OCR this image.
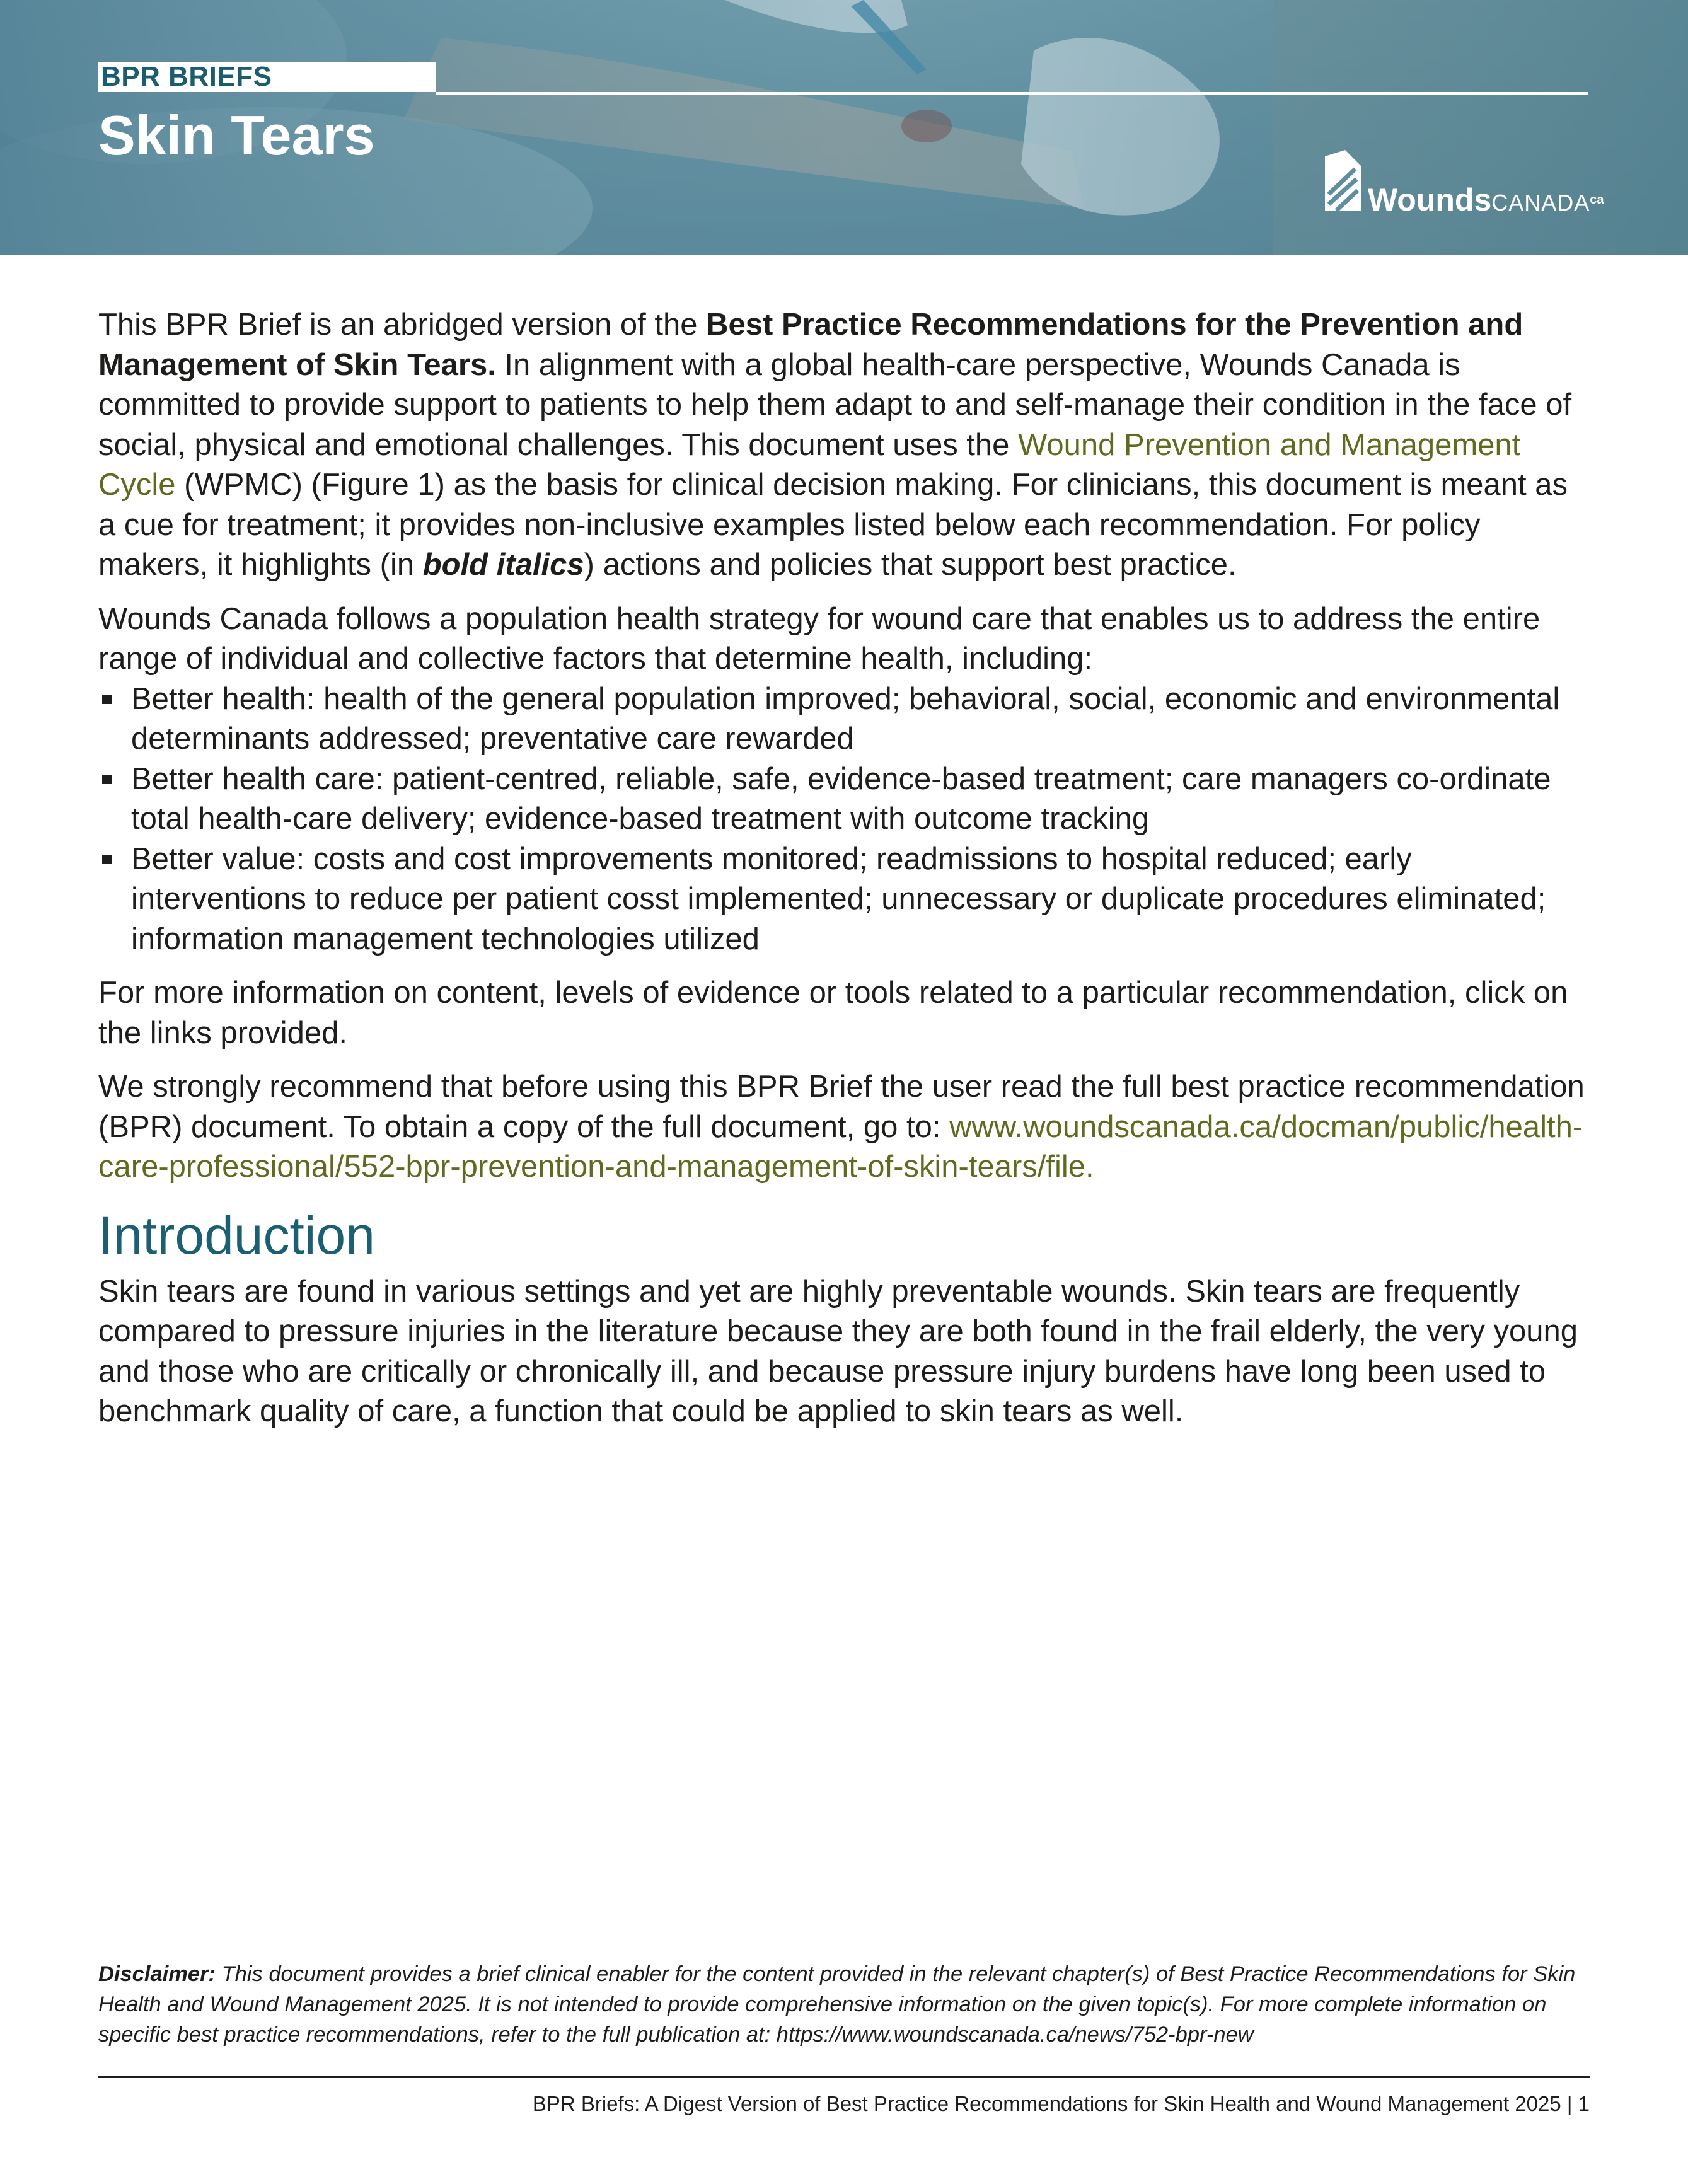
BPR BRIEFS
Skin Tears
WoundsCANADA$^{ca}$

This BPR Brief is an abridged version of the Best Practice Recommendations for the Prevention and Management of Skin Tears. In alignment with a global health-care perspective, Wounds Canada is committed to provide support to patients to help them adapt to and self-manage their condition in the face of social, physical and emotional challenges. This document uses the Wound Prevention and Management Cycle (WPMC) (Figure 1) as the basis for clinical decision making. For clinicians, this document is meant as a cue for treatment; it provides non-inclusive examples listed below each recommendation. For policy makers, it highlights (in bold italics) actions and policies that support best practice.

Wounds Canada follows a population health strategy for wound care that enables us to address the entire range of individual and collective factors that determine health, including:

Better health: health of the general population improved; behavioral, social, economic and environmental determinants addressed; preventative care rewarded
Better health care: patient-centred, reliable, safe, evidence-based treatment; care managers co-ordinate total health-care delivery; evidence-based treatment with outcome tracking
Better value: costs and cost improvements monitored; readmissions to hospital reduced; early interventions to reduce per patient cosst implemented; unnecessary or duplicate procedures eliminated; information management technologies utilized

For more information on content, levels of evidence or tools related to a particular recommendation, click on the links provided.

We strongly recommend that before using this BPR Brief the user read the full best practice recommendation (BPR) document. To obtain a copy of the full document, go to: www.woundscanada.ca/docman/public/health-care-professional/552-bpr-prevention-and-management-of-skin-tears/file.

Introduction

Skin tears are found in various settings and yet are highly preventable wounds. Skin tears are frequently compared to pressure injuries in the literature because they are both found in the frail elderly, the very young and those who are critically or chronically ill, and because pressure injury burdens have long been used to benchmark quality of care, a function that could be applied to skin tears as well.

Disclaimer: This document provides a brief clinical enabler for the content provided in the relevant chapter(s) of Best Practice Recommendations for Skin Health and Wound Management 2025. It is not intended to provide comprehensive information on the given topic(s). For more complete information on specific best practice recommendations, refer to the full publication at: https://www.woundscanada.ca/news/752-bpr-new
BPR Briefs: A Digest Version of Best Practice Recommendations for Skin Health and Wound Management 2025 | 1
